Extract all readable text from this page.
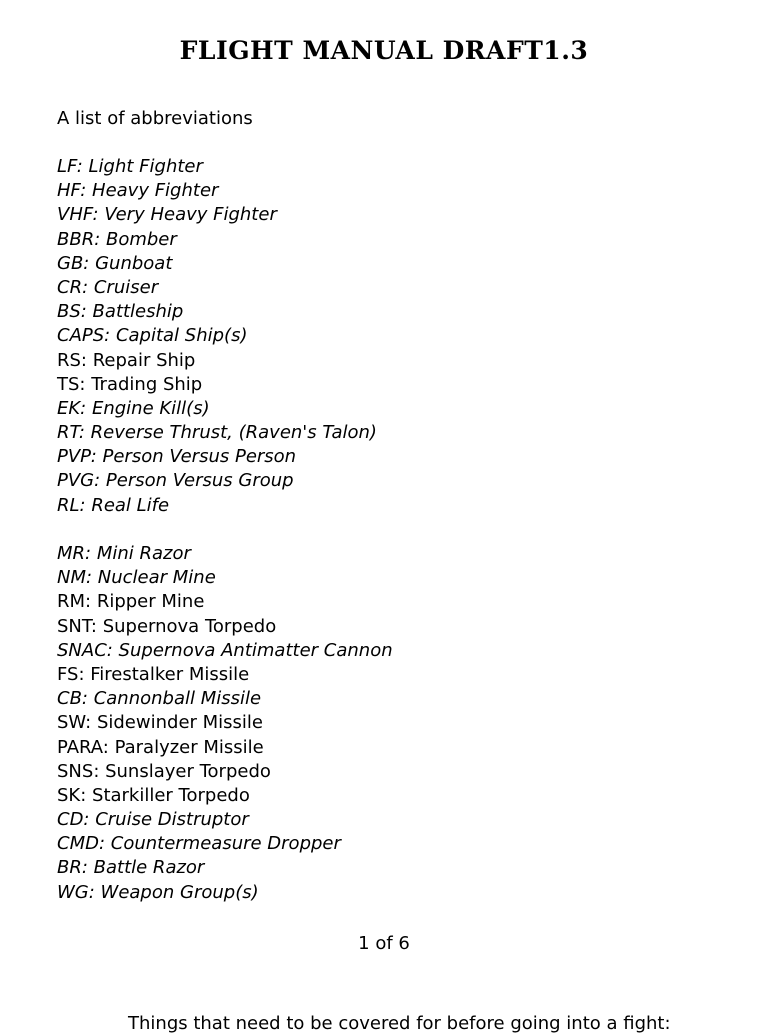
FLIGHT MANUAL DRAFT1.3

A list of abbreviations

LF: Light Fighter
HF: Heavy Fighter
VHF: Very Heavy Fighter
BBR: Bomber
GB: Gunboat
CR: Cruiser
BS: Battleship
CAPS: Capital Ship(s)
RS: Repair Ship
TS: Trading Ship
EK: Engine Kill(s)
RT: Reverse Thrust, (Raven's Talon)
PVP: Person Versus Person
PVG: Person Versus Group
RL: Real Life
MR: Mini Razor
NM: Nuclear Mine
RM: Ripper Mine
SNT: Supernova Torpedo
SNAC: Supernova Antimatter Cannon
FS: Firestalker Missile
CB: Cannonball Missile
SW: Sidewinder Missile
PARA: Paralyzer Missile
SNS: Sunslayer Torpedo
SK: Starkiller Torpedo
CD: Cruise Distruptor
CMD: Countermeasure Dropper
BR: Battle Razor
WG: Weapon Group(s)

1 of 6

Things that need to be covered for before going into a fight:
